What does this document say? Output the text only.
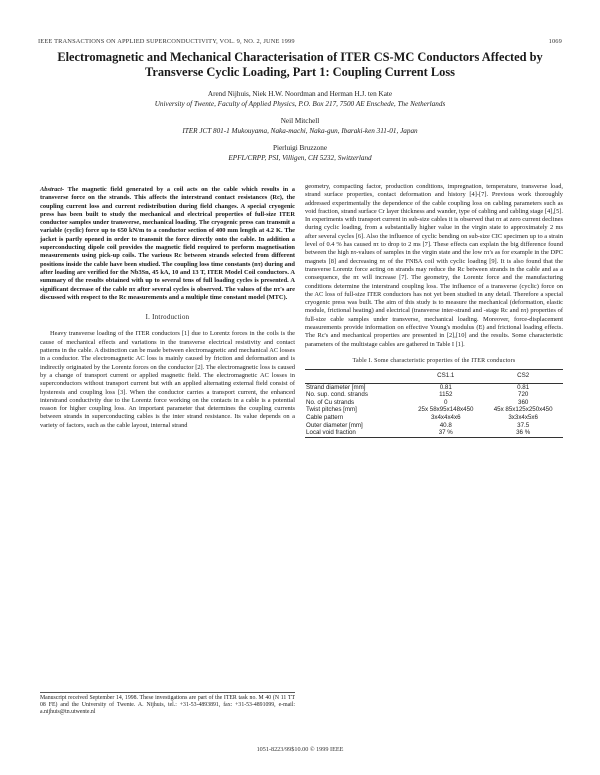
IEEE TRANSACTIONS ON APPLIED SUPERCONDUCTIVITY, VOL. 9, NO. 2, JUNE 1999	1069
Electromagnetic and Mechanical Characterisation of ITER CS-MC Conductors Affected by Transverse Cyclic Loading, Part 1: Coupling Current Loss
Arend Nijhuis, Niek H.W. Noordman and Herman H.J. ten Kate
University of Twente, Faculty of Applied Physics, P.O. Box 217, 7500 AE Enschede, The Netherlands
Neil Mitchell
ITER JCT 801-1 Mukouyama, Naka-machi, Naka-gun, Ibaraki-ken 311-01, Japan
Pierluigi Bruzzone
EPFL/CRPP, PSI, Villigen, CH 5232, Switzerland
Abstract- The magnetic field generated by a coil acts on the cable which results in a transverse force on the strands. This affects the interstrand contact resistances (Rc), the coupling current loss and current redistribution during field changes. A special cryogenic press has been built to study the mechanical and electrical properties of full-size ITER conductor samples under transverse, mechanical loading. The cryogenic press can transmit a variable (cyclic) force up to 650 kN/m to a conductor section of 400 mm length at 4.2 K. The jacket is partly opened in order to transmit the force directly onto the cable. In addition a superconducting dipole coil provides the magnetic field required to perform magnetisation measurements using pick-up coils. The various Rc between strands selected from different positions inside the cable have been studied. The coupling loss time constants (nτ) during and after loading are verified for the Nb3Sn, 45 kA, 10 and 13 T, ITER Model Coil conductors. A summary of the results obtained with up to several tens of full loading cycles is presented. A significant decrease of the cable nτ after several cycles is observed. The values of the nτ's are discussed with respect to the Rc measurements and a multiple time constant model (MTC).
I. Introduction

Heavy transverse loading of the ITER conductors [1] due to Lorentz forces in the coils is the cause of mechanical effects and variations in the transverse electrical resistivity and contact patterns in the cable. A distinction can be made between electromagnetic and mechanical AC losses in a conductor. The electromagnetic AC loss is mainly caused by friction and deformation and is indirectly originated by the Lorentz forces on the conductor [2]. The electromagnetic loss is caused by a change of transport current or applied magnetic field. The electromagnetic AC losses in superconductors without transport current but with an applied alternating external field consist of hysteresis and coupling loss [3]. When the conductor carries a transport current, the enhanced interstrand conductivity due to the Lorentz force working on the contacts in a cable is a potential reason for higher coupling loss. An important parameter that determines the coupling currents between strands in superconducting cables is the inter strand resistance. Its value depends on a variety of factors, such as the cable layout, internal strand

Manuscript received September 14, 1998. These investigations are part of the ITER task no. M 40 (N 11 TT 08 FE) and the University of Twente. A. Nijhuis, tel.: +31-53-4893891, fax: +31-53-4891099, e-mail: a.nijhuis@tn.utwente.nl

geometry, compacting factor, production conditions, impregnation, temperature, transverse load, strand surface properties, contact deformation and history [4]-[7]. Previous work thoroughly addressed experimentally the dependence of the cable coupling loss on cabling parameters such as void fraction, strand surface Cr layer thickness and wander, type of cabling and cabling stage [4],[5]. In experiments with transport current in sub-size cables it is observed that nτ at zero current declines during cyclic loading, from a substantially higher value in the virgin state to approximately 2 ms after several cycles [6]. Also the influence of cyclic bending on sub-size CIC specimen up to a strain level of 0.4 % has caused nτ to drop to 2 ms [7]. These effects can explain the big difference found between the high nτ-values of samples in the virgin state and the low nτ's as for example in the DPC magnets [8] and decreasing nτ of the FNBA coil with cyclic loading [9]. It is also found that the transverse Lorentz force acting on strands may reduce the Rc between strands in the cable and as a consequence, the nτ will increase [7]. The geometry, the Lorentz force and the manufacturing conditions determine the interstrand coupling loss. The influence of a transverse (cyclic) force on the AC loss of full-size ITER conductors has not yet been studied in any detail. Therefore a special cryogenic press was built. The aim of this study is to measure the mechanical (deformation, elastic module, frictional heating) and electrical (transverse inter-strand and -stage Rc and nτ) properties of full-size cable samples under transverse, mechanical loading. Moreover, force-displacement measurements provide information on effective Young's modulus (E) and frictional loading effects. The Rc's and mechanical properties are presented in [2],[10] and the results. Some characteristic parameters of the multistage cables are gathered in Table I [1].

Table I. Some characteristic properties of the ITER conductors
	CS1.1	CS2
Strand diameter [mm]	0.81	0.81
No. sup. cond. strands	1152	720
No. of Cu strands	0	360
Twist pitches [mm]	25x 58x95x148x450	45x 85x125x250x450
Cable pattern	3x4x4x4x6	3x3x4x5x6
Outer diameter [mm]	40.8	37.5
Local void fraction	37 %	36 %
1051-8223/99$10.00 © 1999 IEEE
